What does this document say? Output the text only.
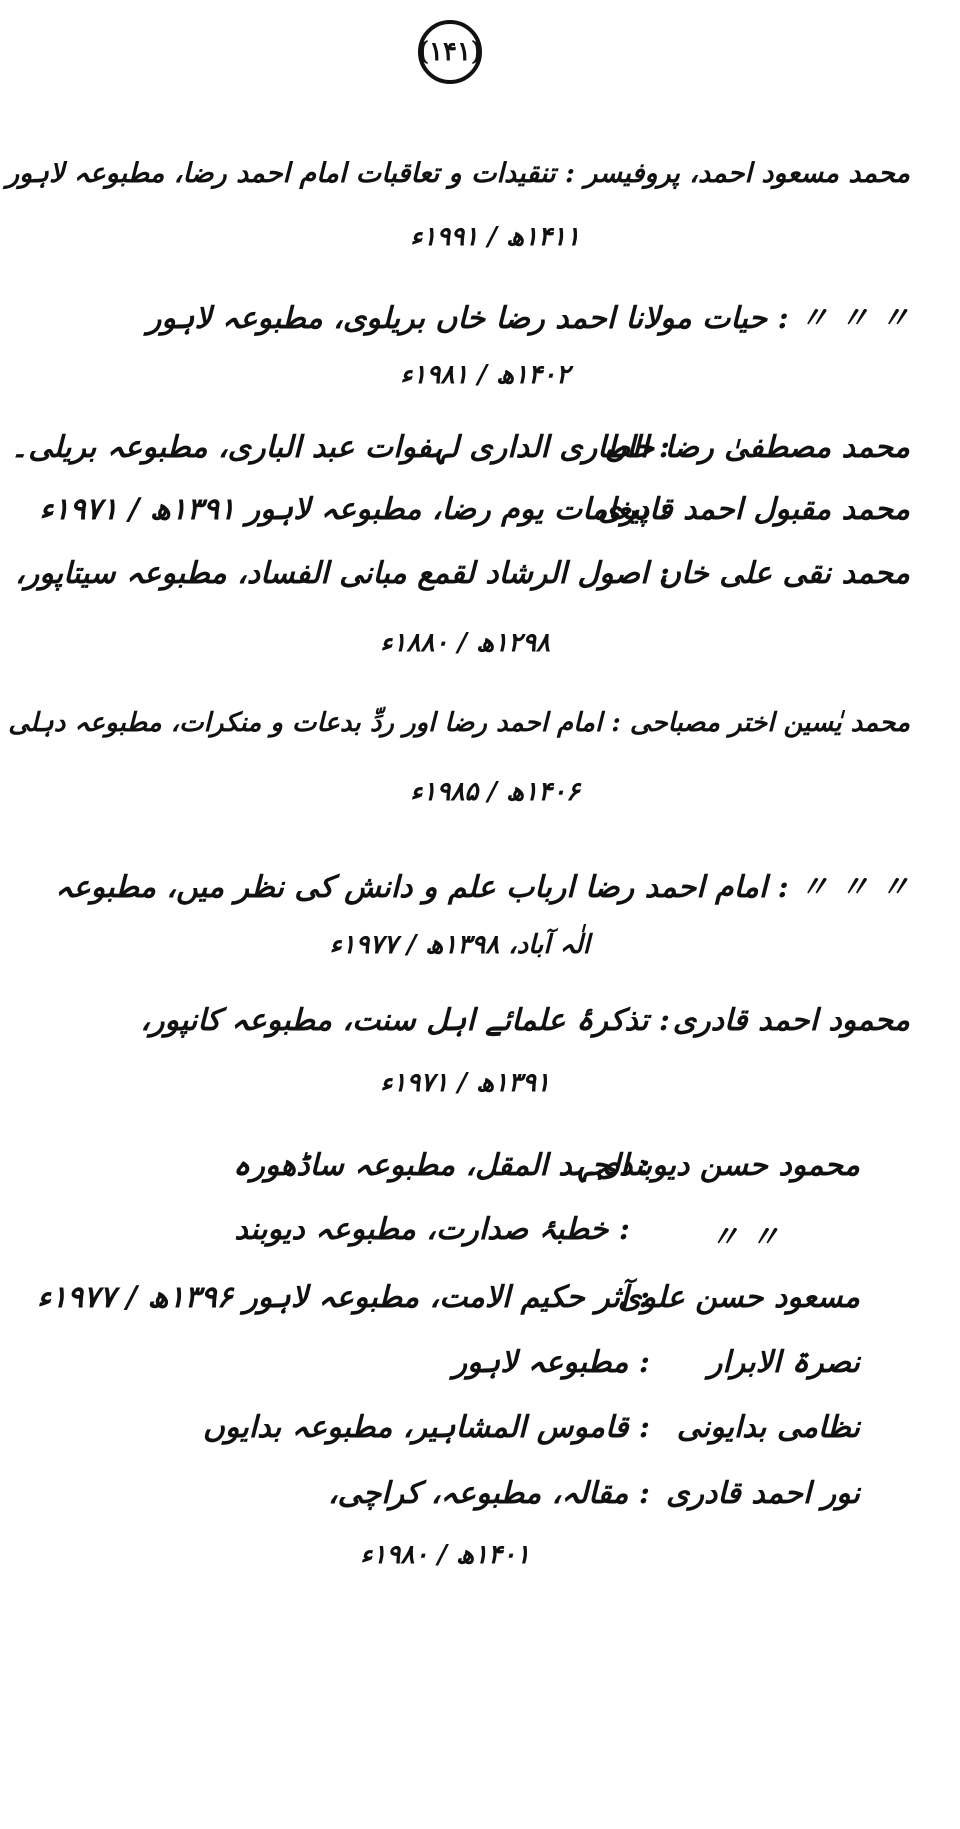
(۱۴۱)
محمد مسعود احمد، پروفیسر : تنقیدات و تعاقبات امام احمد رضا، مطبوعہ لاہور
۱۴۱۱ھ / ۱۹۹۱ء
〃 〃 〃 : حیات مولانا احمد رضا خاں بریلوی، مطبوعہ لاہور
۱۴۰۲ھ / ۱۹۸۱ء
محمد مصطفیٰ رضا خاں
: الطاری الداری لہفوات عبد الباری، مطبوعہ بریلی۔
محمد مقبول احمد قادری
: پیغامات یوم رضا، مطبوعہ لاہور ۱۳۹۱ھ / ۱۹۷۱ء
محمد نقی علی خاں
: اصول الرشاد لقمع مبانی الفساد، مطبوعہ سیتاپور،
۱۲۹۸ھ / ۱۸۸۰ء
محمد یٰسین اختر مصباحی : امام احمد رضا اور ردِّ بدعات و منکرات، مطبوعہ دہلی
۱۴۰۶ھ / ۱۹۸۵ء
〃 〃 〃 : امام احمد رضا ارباب علم و دانش کی نظر میں، مطبوعہ
الٰہ آباد، ۱۳۹۸ھ / ۱۹۷۷ء
محمود احمد قادری
: تذکرۂ علمائے اہل سنت، مطبوعہ کانپور،
۱۳۹۱ھ / ۱۹۷۱ء
محمود حسن دیوبندی
: الجہد المقل، مطبوعہ ساڈھورہ
〃 〃
: خطبۂ صدارت، مطبوعہ دیوبند
مسعود حسن علوی
: آثر حکیم الامت، مطبوعہ لاہور ۱۳۹۶ھ / ۱۹۷۷ء
نصرۃ الابرار
: مطبوعہ لاہور
نظامی بدایونی
: قاموس المشاہیر، مطبوعہ بدایوں
نور احمد قادری
: مقالہ، مطبوعہ، کراچی،
۱۴۰۱ھ / ۱۹۸۰ء
